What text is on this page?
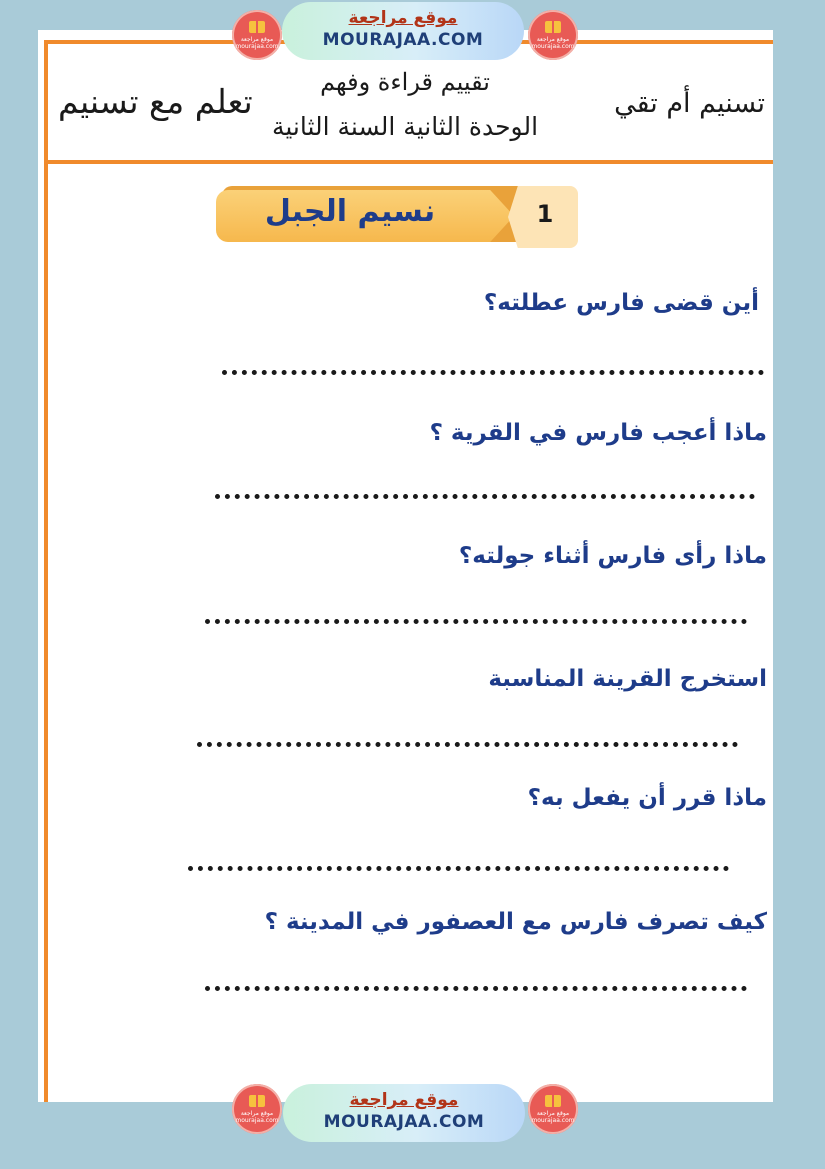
موقع مراجعة
mourajaa.com
موقع مراجعة
MOURAJAA.COM	موقع مراجعة
mourajaa.com
تسنيم أم تقي
تقييم قراءة وفهم
الوحدة الثانية السنة الثانية
تعلم مع تسنيم
نسيم الجبل	1
أين قضى فارس عطلته؟
ماذا أعجب فارس في القرية ؟
ماذا رأى فارس أثناء جولته؟
استخرج القرينة المناسبة
ماذا قرر أن يفعل به؟
كيف تصرف فارس مع العصفور في المدينة ؟
موقع مراجعة
mourajaa.com
موقع مراجعة
MOURAJAA.COM	موقع مراجعة
mourajaa.com
